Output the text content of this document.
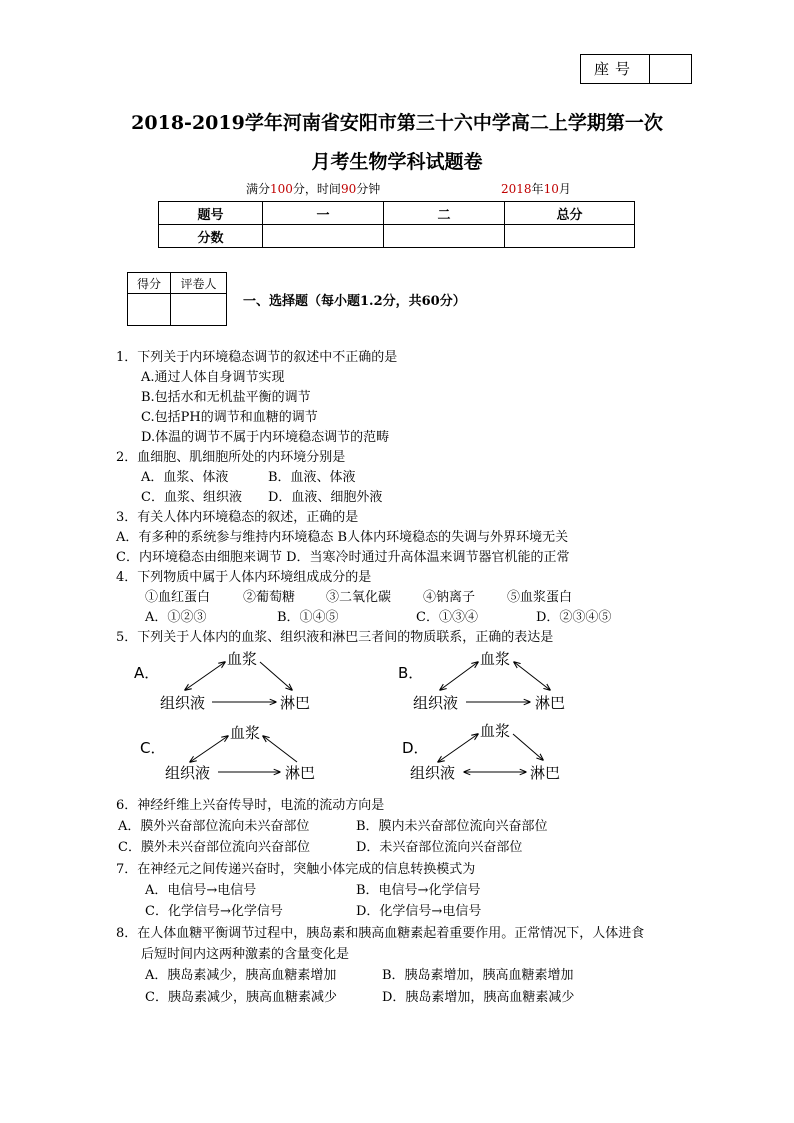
座号
2018-2019学年河南省安阳市第三十六中学高二上学期第一次
月考生物学科试题卷
满分100分，时间90分钟	2018年10月
题号	一	二	总分
分数			
得分	评卷人

一、选择题（每小题1.2分，共60分）
1．下列关于内环境稳态调节的叙述中不正确的是
A.通过人体自身调节实现
B.包括水和无机盐平衡的调节
C.包括PH的调节和血糖的调节
D.体温的调节不属于内环境稳态调节的范畴
2．血细胞、肌细胞所处的内环境分别是
A．血浆、体液	B．血液、体液
C．血浆、组织液 D．血液、细胞外液
3．有关人体内环境稳态的叙述，正确的是
A．有多种的系统参与维持内环境稳态 B人体内环境稳态的失调与外界环境无关
C．内环境稳态由细胞来调节 D．当寒冷时通过升高体温来调节器官机能的正常
4．下列物质中属于人体内环境组成成分的是
①血红蛋白	②葡萄糖 ③二氧化碳 ④钠离子 ⑤血浆蛋白
A．①②③	B．①④⑤	C．①③④	D．②③④⑤
5．下列关于人体内的血浆、组织液和淋巴三者间的物质联系，正确的表达是
A．
血浆
组织液	淋巴
B．
血浆
组织液	淋巴
C．
血浆
组织液	淋巴
D．
血浆
组织液	淋巴
6．神经纤维上兴奋传导时，电流的流动方向是
A．膜外兴奋部位流向未兴奋部位	B．膜内未兴奋部位流向兴奋部位
C．膜外未兴奋部位流向兴奋部位	D．未兴奋部位流向兴奋部位
7．在神经元之间传递兴奋时，突触小体完成的信息转换模式为
A．电信号→电信号	B．电信号→化学信号
C．化学信号→化学信号	D．化学信号→电信号
8．在人体血糖平衡调节过程中，胰岛素和胰高血糖素起着重要作用。正常情况下，人体进食
后短时间内这两种激素的含量变化是
A．胰岛素减少，胰高血糖素增加	B．胰岛素增加，胰高血糖素增加
C．胰岛素减少，胰高血糖素减少	D．胰岛素增加，胰高血糖素减少
